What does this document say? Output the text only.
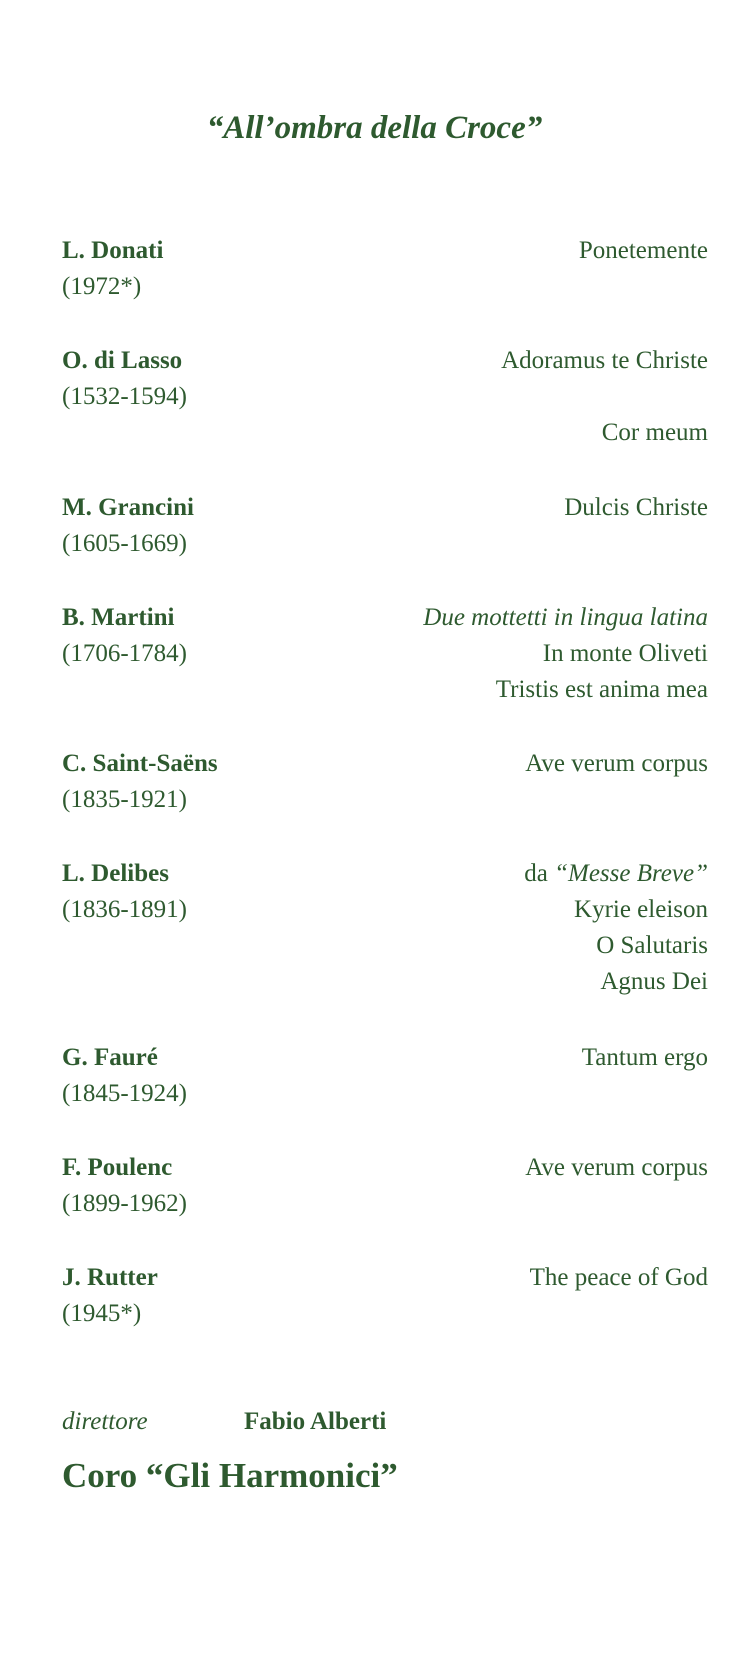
“All’ombra della Croce”
L. Donati
(1972*)
Ponetemente
O. di Lasso
(1532-1594)
Adoramus te Christe
Cor meum
M. Grancini
(1605-1669)
Dulcis Christe
B. Martini
(1706-1784)
Due mottetti in lingua latina
In monte Oliveti
Tristis est anima mea
C. Saint-Saëns
(1835-1921)
Ave verum corpus
L. Delibes
(1836-1891)
da “Messe Breve”
Kyrie eleison
O Salutaris
Agnus Dei
G. Fauré
(1845-1924)
Tantum ergo
F. Poulenc
(1899-1962)
Ave verum corpus
J. Rutter
(1945*)
The peace of God
direttore	Fabio Alberti
Coro “Gli Harmonici”
